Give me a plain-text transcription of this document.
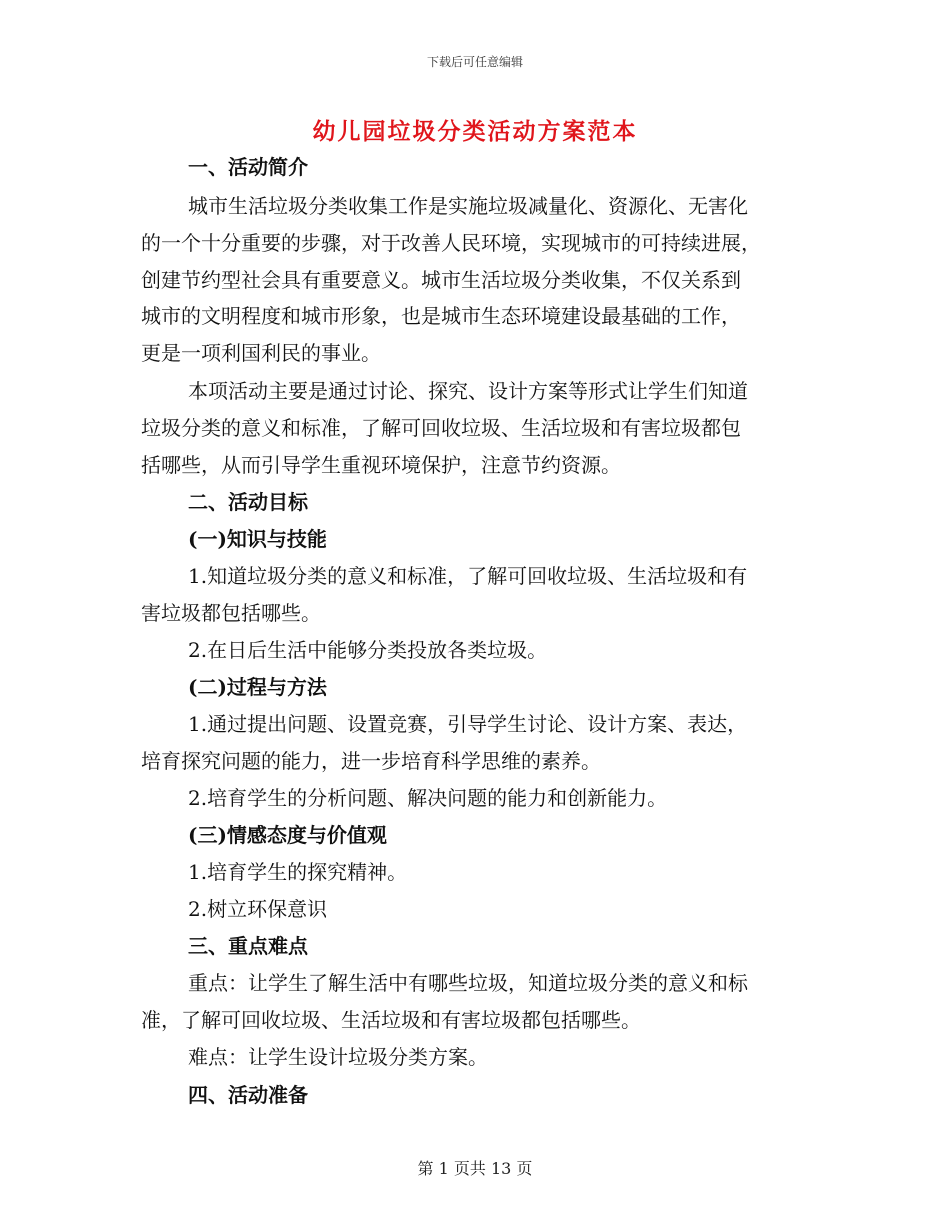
下载后可任意编辑
幼儿园垃圾分类活动方案范本

一、活动简介

城市生活垃圾分类收集工作是实施垃圾减量化、资源化、无害化

的一个十分重要的步骤，对于改善人民环境，实现城市的可持续进展，

创建节约型社会具有重要意义。城市生活垃圾分类收集，不仅关系到

城市的文明程度和城市形象，也是城市生态环境建设最基础的工作，

更是一项利国利民的事业。

本项活动主要是通过讨论、探究、设计方案等形式让学生们知道

垃圾分类的意义和标准，了解可回收垃圾、生活垃圾和有害垃圾都包

括哪些，从而引导学生重视环境保护，注意节约资源。

二、活动目标

(一)知识与技能

1.知道垃圾分类的意义和标准，了解可回收垃圾、生活垃圾和有

害垃圾都包括哪些。

2.在日后生活中能够分类投放各类垃圾。

(二)过程与方法

1.通过提出问题、设置竞赛，引导学生讨论、设计方案、表达，

培育探究问题的能力，进一步培育科学思维的素养。

2.培育学生的分析问题、解决问题的能力和创新能力。

(三)情感态度与价值观

1.培育学生的探究精神。

2.树立环保意识

三、重点难点

重点：让学生了解生活中有哪些垃圾，知道垃圾分类的意义和标

准，了解可回收垃圾、生活垃圾和有害垃圾都包括哪些。

难点：让学生设计垃圾分类方案。

四、活动准备

第 1 页共 13 页
